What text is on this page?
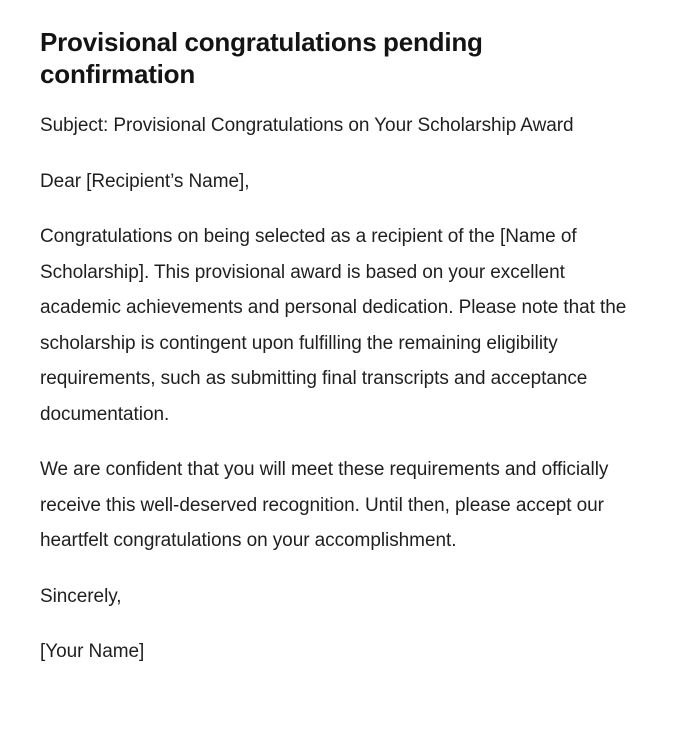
Provisional congratulations pending confirmation

Subject: Provisional Congratulations on Your Scholarship Award

Dear [Recipient’s Name],

Congratulations on being selected as a recipient of the [Name of Scholarship]. This provisional award is based on your excellent academic achievements and personal dedication. Please note that the scholarship is contingent upon fulfilling the remaining eligibility requirements, such as submitting final transcripts and acceptance documentation.

We are confident that you will meet these requirements and officially receive this well-deserved recognition. Until then, please accept our heartfelt congratulations on your accomplishment.

Sincerely,

[Your Name]
